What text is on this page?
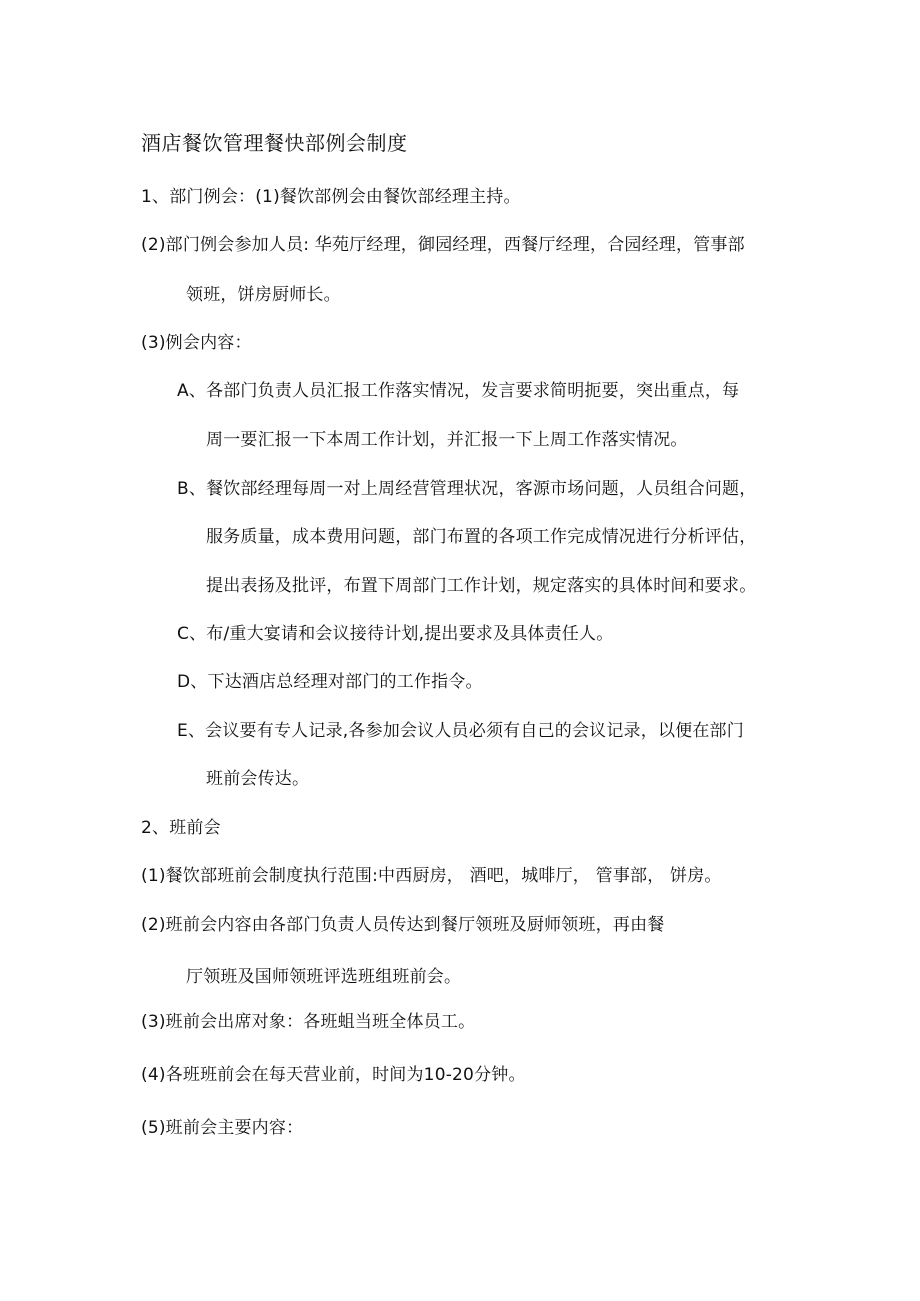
酒店餐饮管理餐快部例会制度
1、部门例会：(1)餐饮部例会由餐饮部经理主持。
(2)部门例会参加人员: 华苑厅经理，御园经理，西餐厅经理，合园经理，管事部
领班，饼房厨师长。
(3)例会内容：
A、各部门负责人员汇报工作落实情况，发言要求简明扼要，突出重点，每
周一要汇报一下本周工作计划，并汇报一下上周工作落实情况。
B、餐饮部经理每周一对上周经营管理状况，客源市场问题，人员组合问题，
服务质量，成本费用问题，部门布置的各项工作完成情况进行分析评估，
提出表扬及批评，布置下周部门工作计划，规定落实的具体时间和要求。
C、布/重大宴请和会议接待计划,提出要求及具体责任人。
D、下达酒店总经理对部门的工作指令。
E、会议要有专人记录,各参加会议人员必须有自己的会议记录，以便在部门
班前会传达。
2、班前会
(1)餐饮部班前会制度执行范围:中西厨房， 酒吧，城啡厅， 管事部， 饼房。
(2)班前会内容由各部门负责人员传达到餐厅领班及厨师领班，再由餐
厅领班及国师领班评选班组班前会。
(3)班前会出席对象：各班蛆当班全体员工。
(4)各班班前会在每天营业前，时间为10-20分钟。
(5)班前会主要内容：
